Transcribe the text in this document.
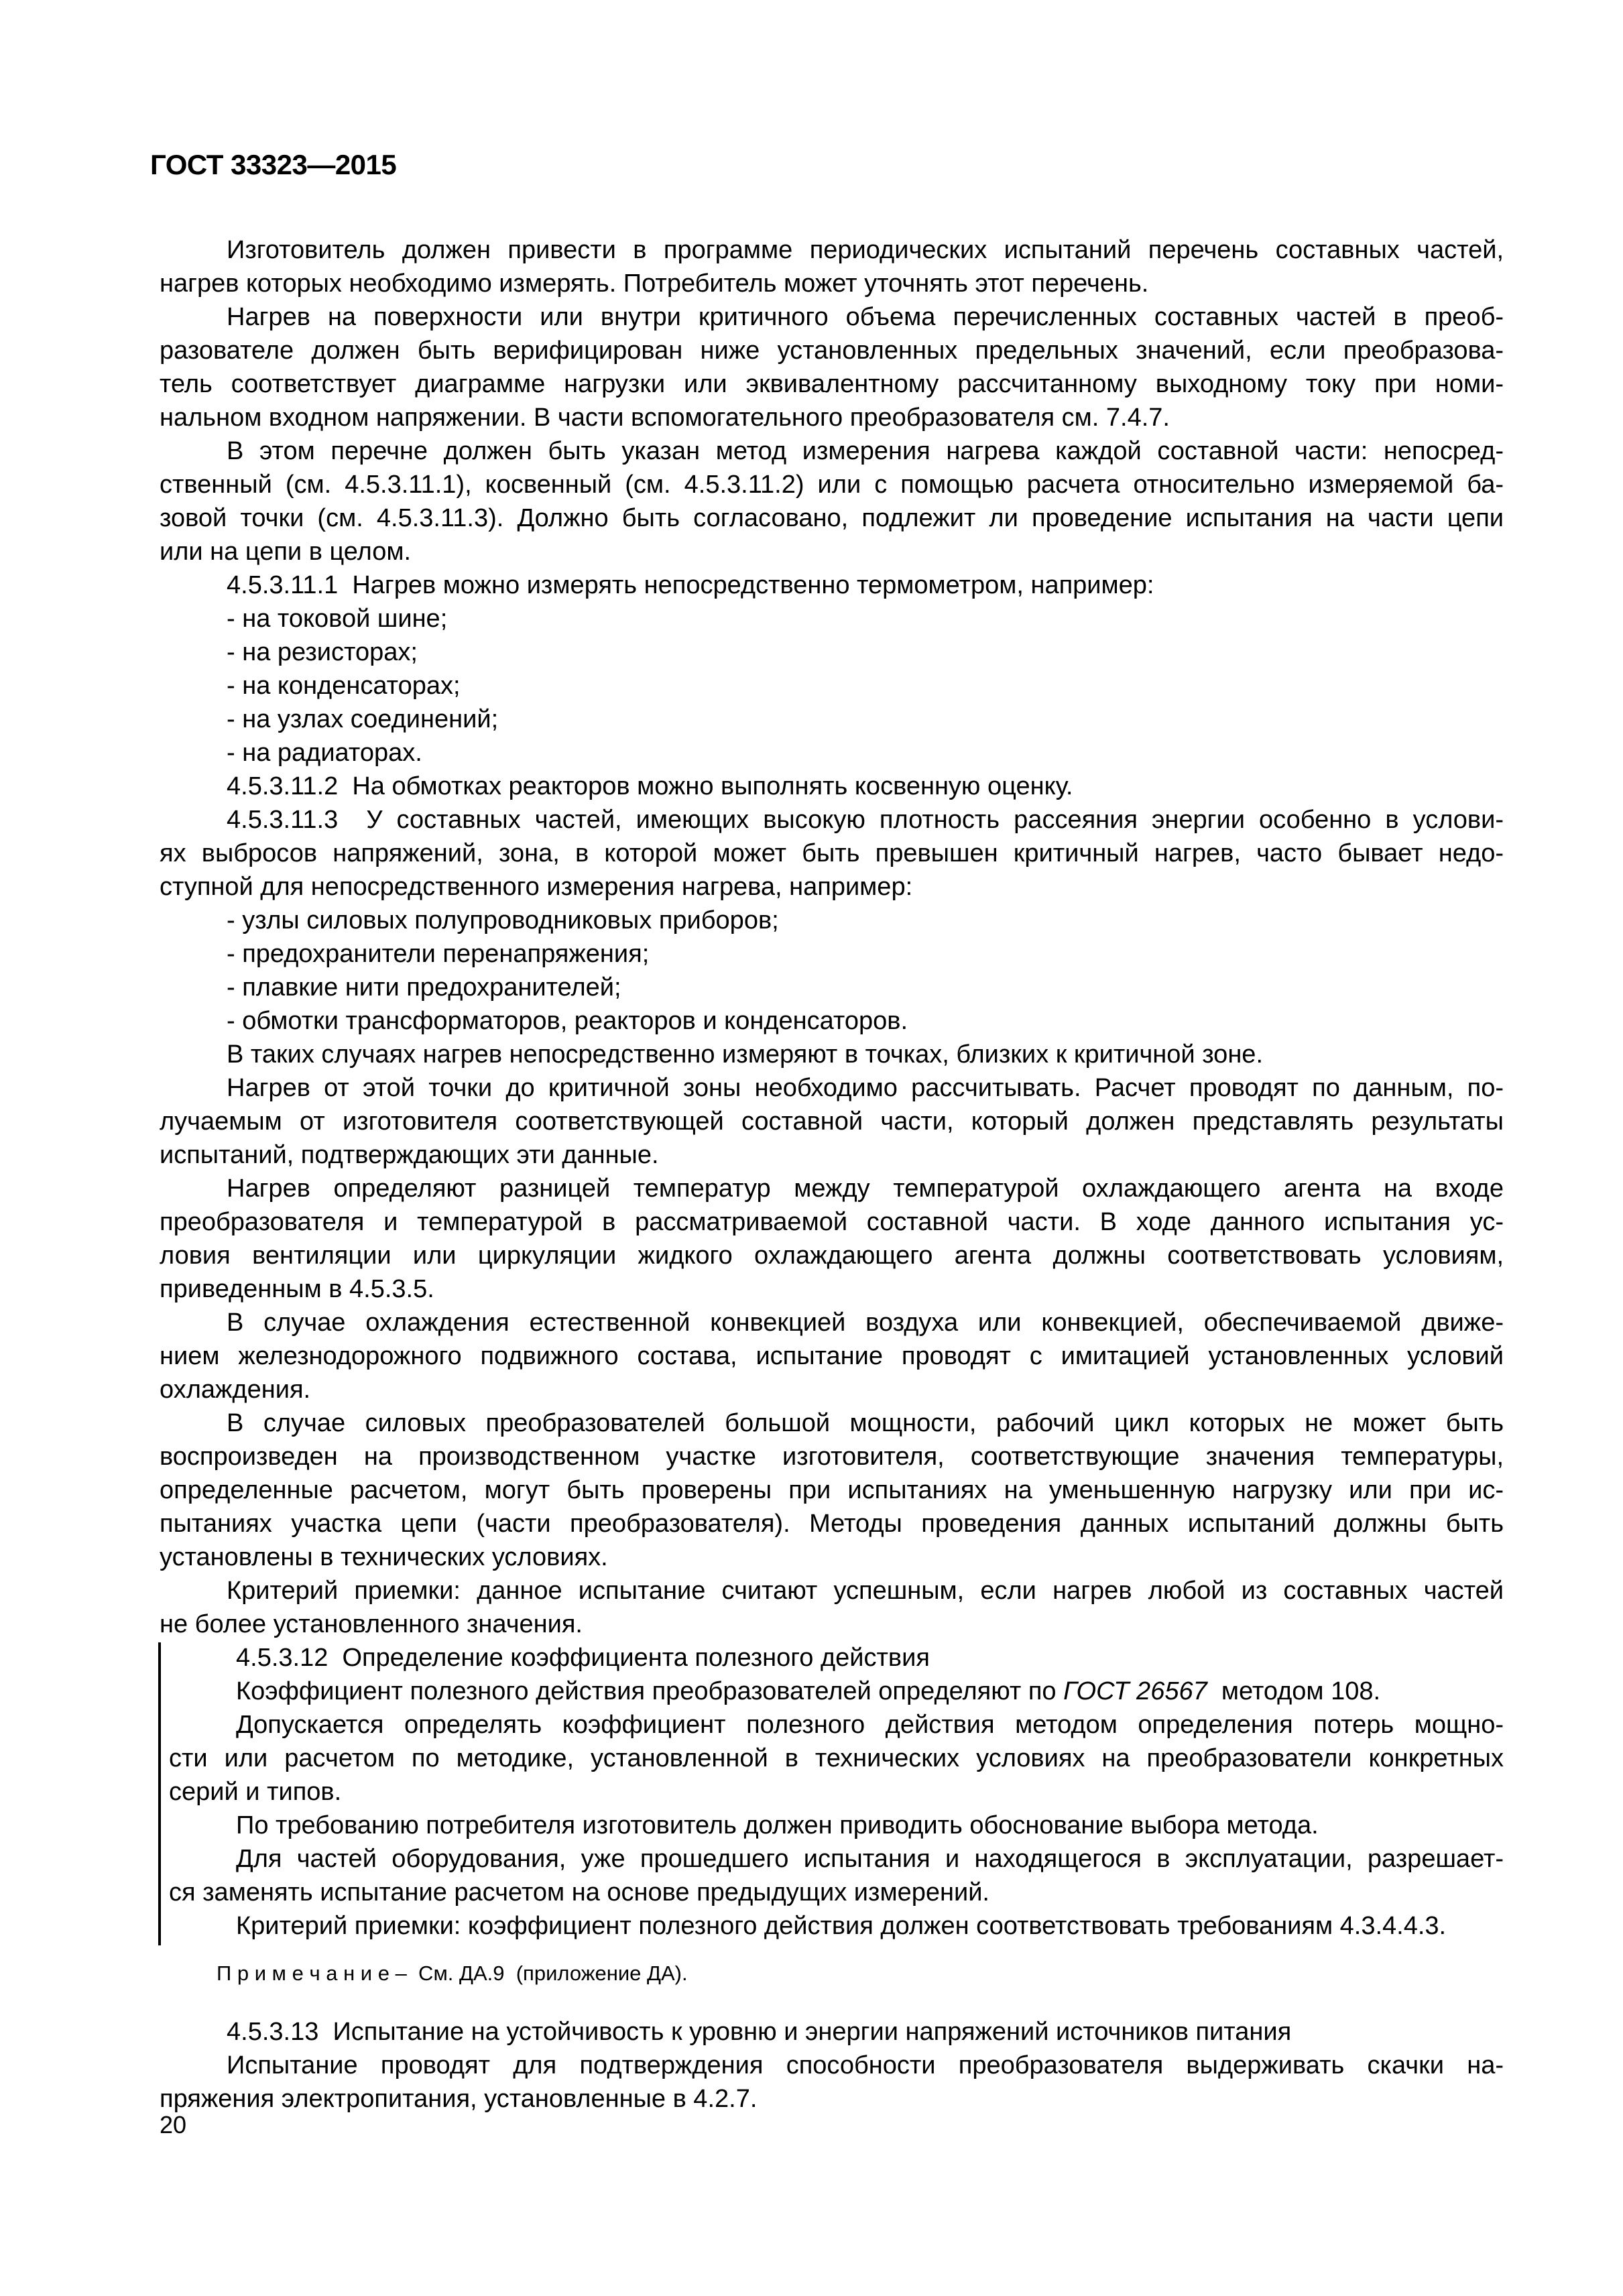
ГОСТ 33323—2015
Изготовитель должен привести в программе периодических испытаний перечень составных частей,
нагрев которых необходимо измерять. Потребитель может уточнять этот перечень.
Нагрев на поверхности или внутри критичного объема перечисленных составных частей в преоб-
разователе должен быть верифицирован ниже установленных предельных значений, если преобразова-
тель соответствует диаграмме нагрузки или эквивалентному рассчитанному выходному току при номи-
нальном входном напряжении. В части вспомогательного преобразователя см. 7.4.7.
В этом перечне должен быть указан метод измерения нагрева каждой составной части: непосред-
ственный (см. 4.5.3.11.1), косвенный (см. 4.5.3.11.2) или с помощью расчета относительно измеряемой ба-
зовой точки (см. 4.5.3.11.3). Должно быть согласовано, подлежит ли проведение испытания на части цепи
или на цепи в целом.
4.5.3.11.1  Нагрев можно измерять непосредственно термометром, например:
- на токовой шине;
- на резисторах;
- на конденсаторах;
- на узлах соединений;
- на радиаторах.
4.5.3.11.2  На обмотках реакторов можно выполнять косвенную оценку.
4.5.3.11.3  У составных частей, имеющих высокую плотность рассеяния энергии особенно в услови-
ях выбросов напряжений, зона, в которой может быть превышен критичный нагрев, часто бывает недо-
ступной для непосредственного измерения нагрева, например:
- узлы силовых полупроводниковых приборов;
- предохранители перенапряжения;
- плавкие нити предохранителей;
- обмотки трансформаторов, реакторов и конденсаторов.
В таких случаях нагрев непосредственно измеряют в точках, близких к критичной зоне.
Нагрев от этой точки до критичной зоны необходимо рассчитывать. Расчет проводят по данным, по-
лучаемым от изготовителя соответствующей составной части, который должен представлять результаты
испытаний, подтверждающих эти данные.
Нагрев определяют разницей температур между температурой охлаждающего агента на входе
преобразователя и температурой в рассматриваемой составной части. В ходе данного испытания ус-
ловия вентиляции или циркуляции жидкого охлаждающего агента должны соответствовать условиям,
приведенным в 4.5.3.5.
В случае охлаждения естественной конвекцией воздуха или конвекцией, обеспечиваемой движе-
нием железнодорожного подвижного состава, испытание проводят с имитацией установленных условий
охлаждения.
В случае силовых преобразователей большой мощности, рабочий цикл которых не может быть
воспроизведен на производственном участке изготовителя, соответствующие значения температуры,
определенные расчетом, могут быть проверены при испытаниях на уменьшенную нагрузку или при ис-
пытаниях участка цепи (части преобразователя). Методы проведения данных испытаний должны быть
установлены в технических условиях.
Критерий приемки: данное испытание считают успешным, если нагрев любой из составных частей
не более установленного значения.
4.5.3.12  Определение коэффициента полезного действия
Коэффициент полезного действия преобразователей определяют по ГОСТ 26567  методом 108.
Допускается определять коэффициент полезного действия методом определения потерь мощно-
сти или расчетом по методике, установленной в технических условиях на преобразователи конкретных
серий и типов.
По требованию потребителя изготовитель должен приводить обоснование выбора метода.
Для частей оборудования, уже прошедшего испытания и находящегося в эксплуатации, разрешает-
ся заменять испытание расчетом на основе предыдущих измерений.
Критерий приемки: коэффициент полезного действия должен соответствовать требованиям 4.3.4.4.3.
П р и м е ч а н и е –  См. ДА.9  (приложение ДА).
4.5.3.13  Испытание на устойчивость к уровню и энергии напряжений источников питания
Испытание проводят для подтверждения способности преобразователя выдерживать скачки на-
пряжения электропитания, установленные в 4.2.7.
20
